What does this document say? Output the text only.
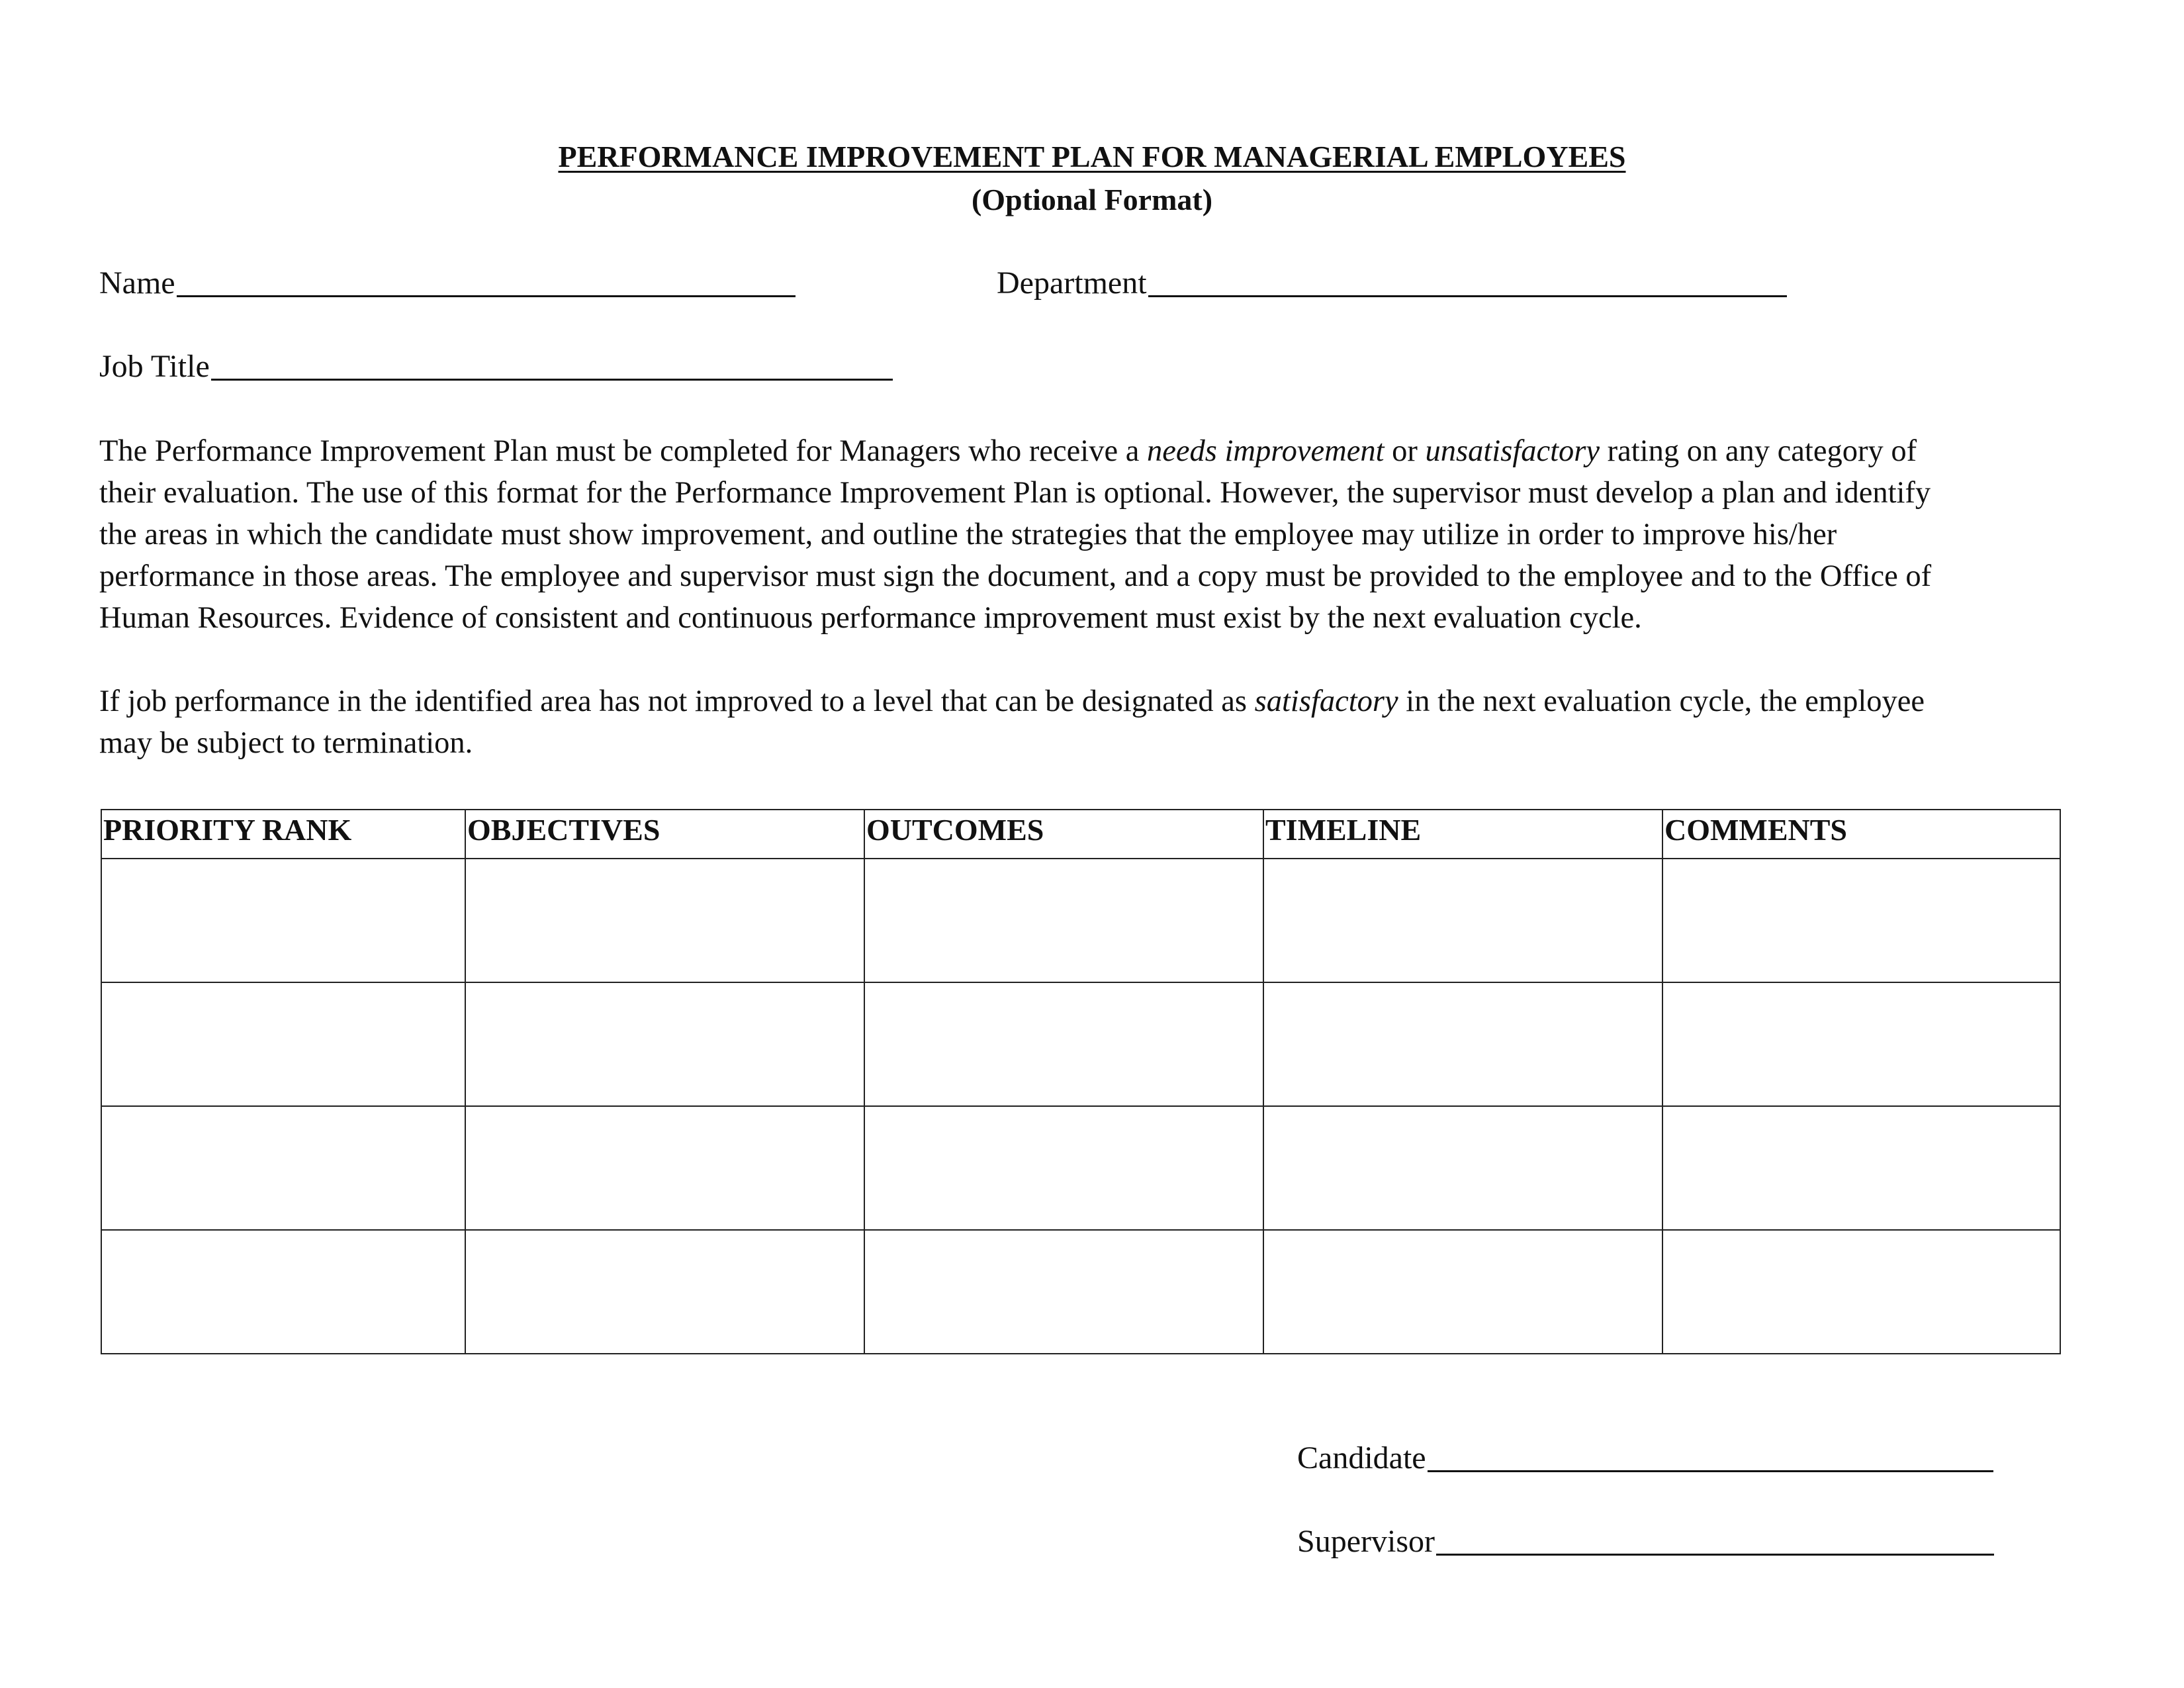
PERFORMANCE IMPROVEMENT PLAN FOR MANAGERIAL EMPLOYEES
(Optional Format)
Name	Department
Job Title
The Performance Improvement Plan must be completed for Managers who receive a needs improvement or unsatisfactory rating on any category of
their evaluation. The use of this format for the Performance Improvement Plan is optional. However, the supervisor must develop a plan and identify
the areas in which the candidate must show improvement, and outline the strategies that the employee may utilize in order to improve his/her
performance in those areas. The employee and supervisor must sign the document, and a copy must be provided to the employee and to the Office of
Human Resources. Evidence of consistent and continuous performance improvement must exist by the next evaluation cycle.
If job performance in the identified area has not improved to a level that can be designated as satisfactory in the next evaluation cycle, the employee
may be subject to termination.
PRIORITY RANK	OBJECTIVES	OUTCOMES	TIMELINE	COMMENTS

Candidate
Supervisor
